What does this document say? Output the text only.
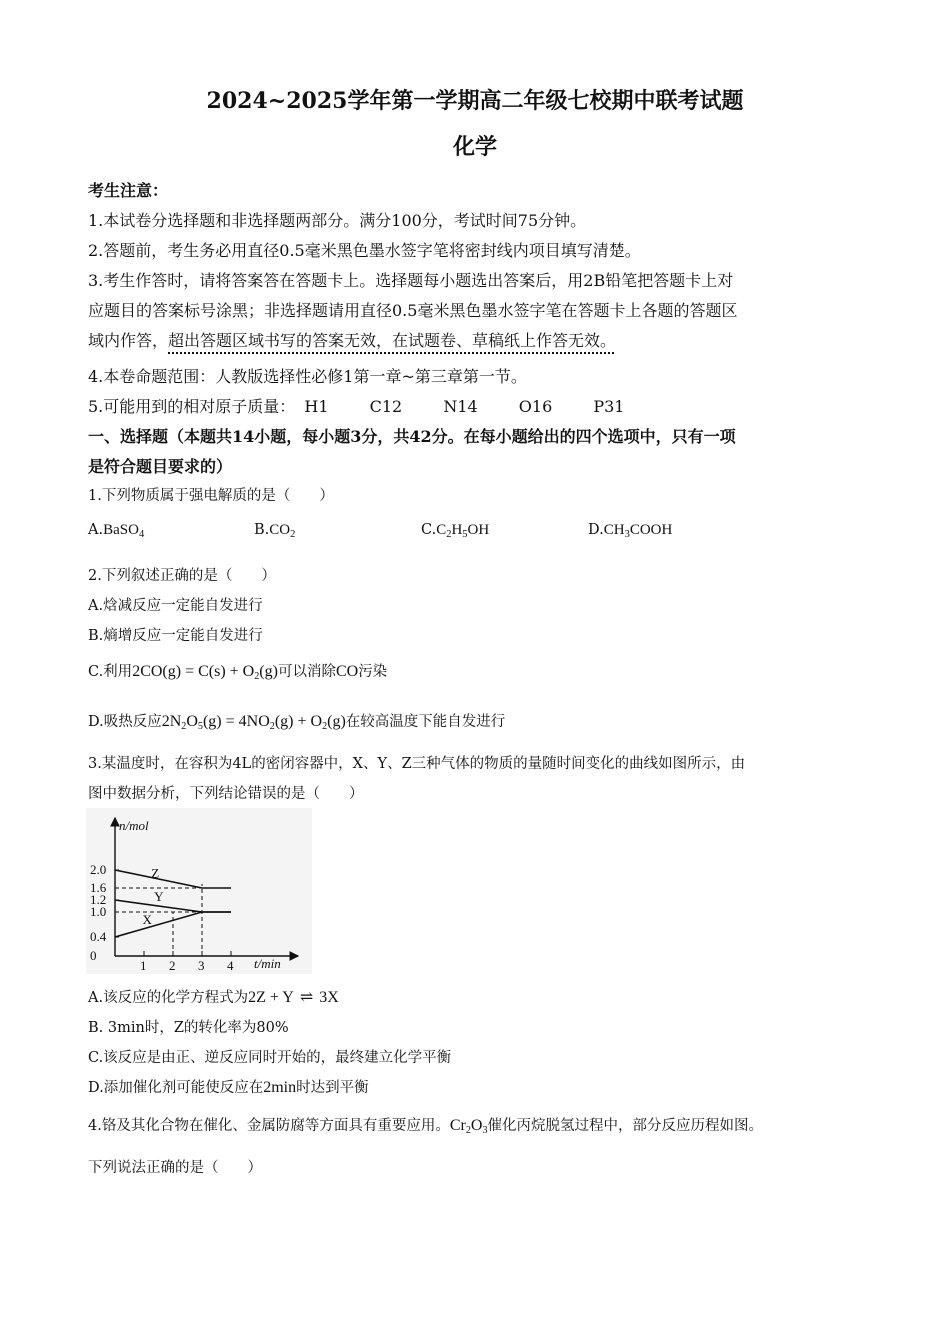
2024~2025学年第一学期高二年级七校期中联考试题
化学
考生注意：
1.本试卷分选择题和非选择题两部分。满分100分，考试时间75分钟。
2.答题前，考生务必用直径0.5毫米黑色墨水签字笔将密封线内项目填写清楚。
3.考生作答时，请将答案答在答题卡上。选择题每小题选出答案后，用2B铅笔把答题卡上对
应题目的答案标号涂黑；非选择题请用直径0.5毫米黑色墨水签字笔在答题卡上各题的答题区
域内作答，超出答题区域书写的答案无效，在试题卷、草稿纸上作答无效。
4.本卷命题范围：人教版选择性必修1第一章~第三章第一节。
5.可能用到的相对原子质量： H1	C12	N14	O16	P31
一、选择题（本题共14小题，每小题3分，共42分。在每小题给出的四个选项中，只有一项
是符合题目要求的）
1.下列物质属于强电解质的是（　　）
A.BaSO$_4$	$B.CO_2$	$C.C_2H_5OH$	$D.CH_3COOH$
2.下列叙述正确的是（　　）
A.焓减反应一定能自发进行
B.熵增反应一定能自发进行
C.利用$2CO(g) = C(s) + O_2(g)$可以消除CO污染
D.吸热反应$2N_2O_5(g) = 4NO_2(g) + O_2(g)$在较高温度下能自发进行
3.某温度时，在容积为4L的密闭容器中，X、Y、Z三种气体的物质的量随时间变化的曲线如图所示，由
图中数据分析，下列结论错误的是（　　）
n/mol
t/min
0
0.4
1.0
1.2
1.6
2.0
1 2 3 4
Z
Y
X
A.该反应的化学方程式为2Z + Y ⇌ 3X
B. 3min时，Z的转化率为80%
C.该反应是由正、逆反应同时开始的，最终建立化学平衡
D.添加催化剂可能使反应在2min时达到平衡
4.铬及其化合物在催化、金属防腐等方面具有重要应用。$Cr_2O_3$催化丙烷脱氢过程中，部分反应历程如图。
下列说法正确的是（　　）
